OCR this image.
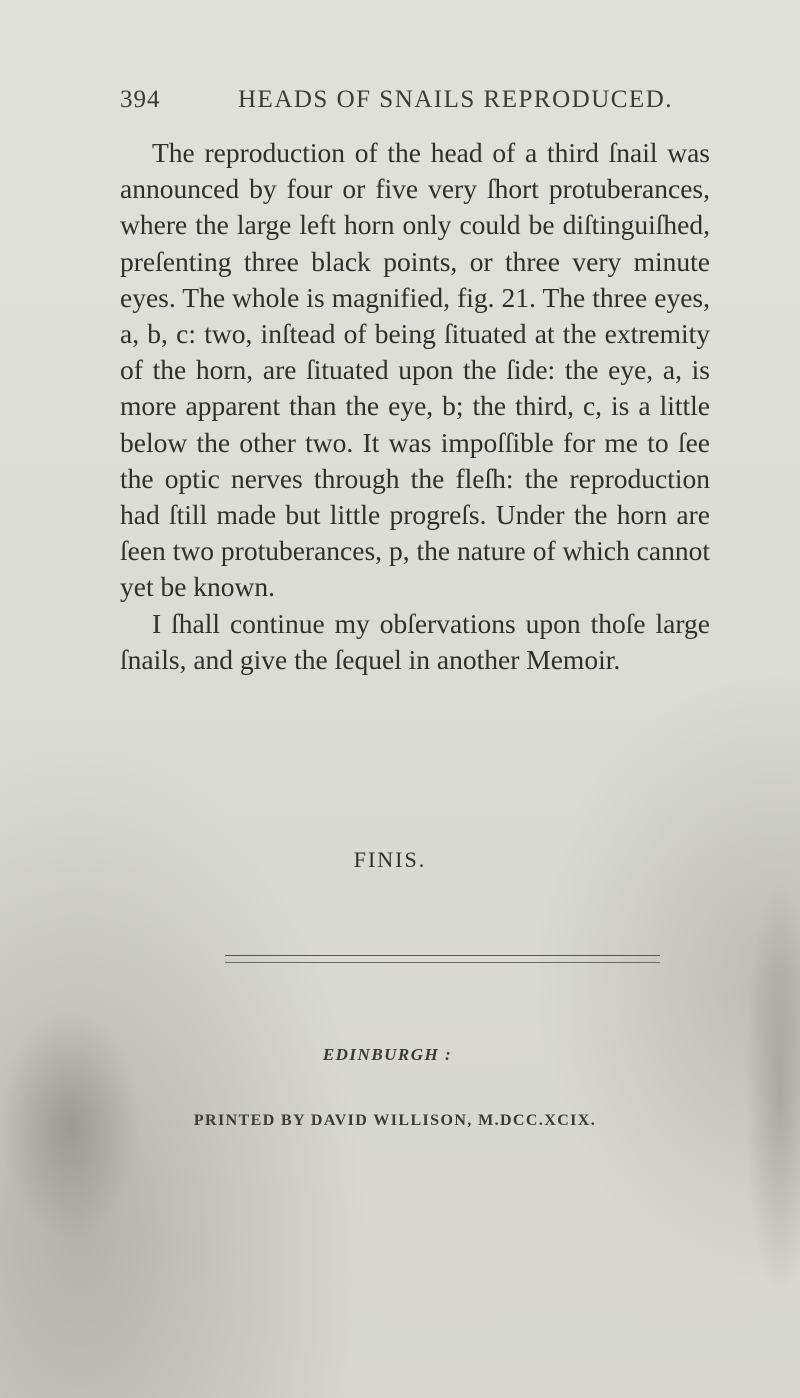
394	HEADS OF SNAILS REPRODUCED.

The reproduction of the head of a third ſnail was announced by four or five very ſhort protuberances, where the large left horn only could be diſtinguiſhed, preſenting three black points, or three very minute eyes. The whole is magnified, fig. 21. The three eyes, a, b, c: two, inſtead of being ſituated at the extremity of the horn, are ſituated upon the ſide: the eye, a, is more apparent than the eye, b; the third, c, is a little below the other two. It was impoſſible for me to ſee the optic nerves through the fleſh: the reproduction had ſtill made but little progreſs. Under the horn are ſeen two protuberances, p, the nature of which cannot yet be known.

I ſhall continue my obſervations upon thoſe large ſnails, and give the ſequel in another Memoir.

FINIS.
EDINBURGH :
PRINTED BY DAVID WILLISON, M.DCC.XCIX.
